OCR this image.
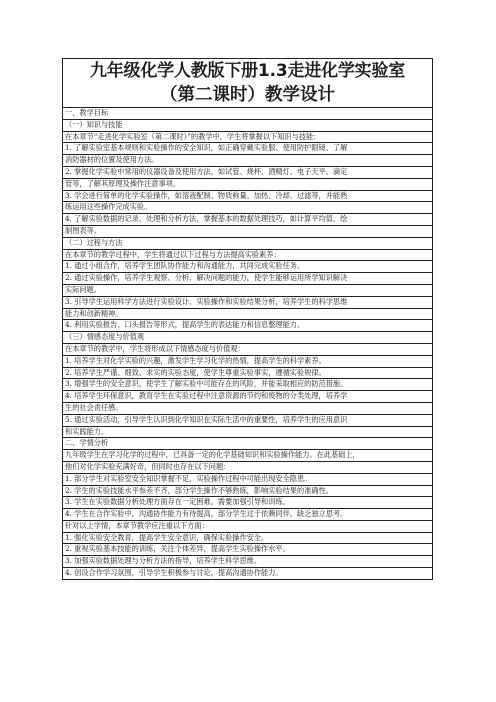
九年级化学人教版下册1.3走进化学实验室
（第二课时）教学设计

一、教学目标
（一）知识与技能
在本章节“走进化学实验室（第二课时）”的教学中，学生将掌握以下知识与技能：
1. 了解实验室基本规则和实验操作的安全知识，如正确穿戴实验服、使用防护眼镜、了解
消防器材的位置及使用方法。
2. 掌握化学实验中常用的仪器设备及使用方法，如试管、烧杯、酒精灯、电子天平、滴定
管等，了解其原理及操作注意事项。
3. 学会进行简单的化学实验操作，如溶液配制、物质称量、加热、冷却、过滤等，并能熟
练运用这些操作完成实验。
4. 了解实验数据的记录、处理和分析方法，掌握基本的数据处理技巧，如计算平均值、绘
制图表等。
（二）过程与方法
在本章节的教学过程中，学生将通过以下过程与方法提高实验素养：
1. 通过小组合作，培养学生团队协作能力和沟通能力，共同完成实验任务。
2. 通过实验操作，培养学生观察、分析、解决问题的能力，使学生能够运用所学知识解决
实际问题。
3. 引导学生运用科学方法进行实验设计、实验操作和实验结果分析，培养学生的科学思维
能力和创新精神。
4. 利用实验报告、口头报告等形式，提高学生的表达能力和信息整理能力。
（三）情感态度与价值观
在本章节的教学中，学生将形成以下情感态度与价值观：
1. 培养学生对化学实验的兴趣，激发学生学习化学的热情，提高学生的科学素养。
2. 培养学生严谨、细致、求实的实验态度，使学生尊重实验事实，遵循实验规律。
3. 增强学生的安全意识，使学生了解实验中可能存在的风险，并能采取相应的防范措施。
4. 培养学生环保意识，教育学生在实验过程中注意资源的节约和废物的分类处理，培养学
生的社会责任感。
5. 通过实验活动，引导学生认识到化学知识在实际生活中的重要性，培养学生的应用意识
和实践能力。
二、学情分析
九年级学生在学习化学的过程中，已具备一定的化学基础知识和实验操作能力。在此基础上，
他们对化学实验充满好奇，但同时也存在以下问题：
1. 部分学生对实验室安全知识掌握不足，实验操作过程中可能出现安全隐患。
2. 学生的实验技能水平参差不齐，部分学生操作不够熟练，影响实验结果的准确性。
3. 学生在实验数据分析处理方面存在一定困难，需要加强引导和训练。
4. 学生在合作实验中，沟通协作能力有待提高，部分学生过于依赖同伴，缺乏独立思考。
针对以上学情，本章节教学应注重以下方面：
1. 强化实验安全教育，提高学生安全意识，确保实验操作安全。
2. 重视实验基本技能的训练，关注个体差异，提高学生实验操作水平。
3. 加强实验数据处理与分析方法的指导，培养学生科学思维。
4. 创设合作学习氛围，引导学生积极参与讨论，提高沟通协作能力。
